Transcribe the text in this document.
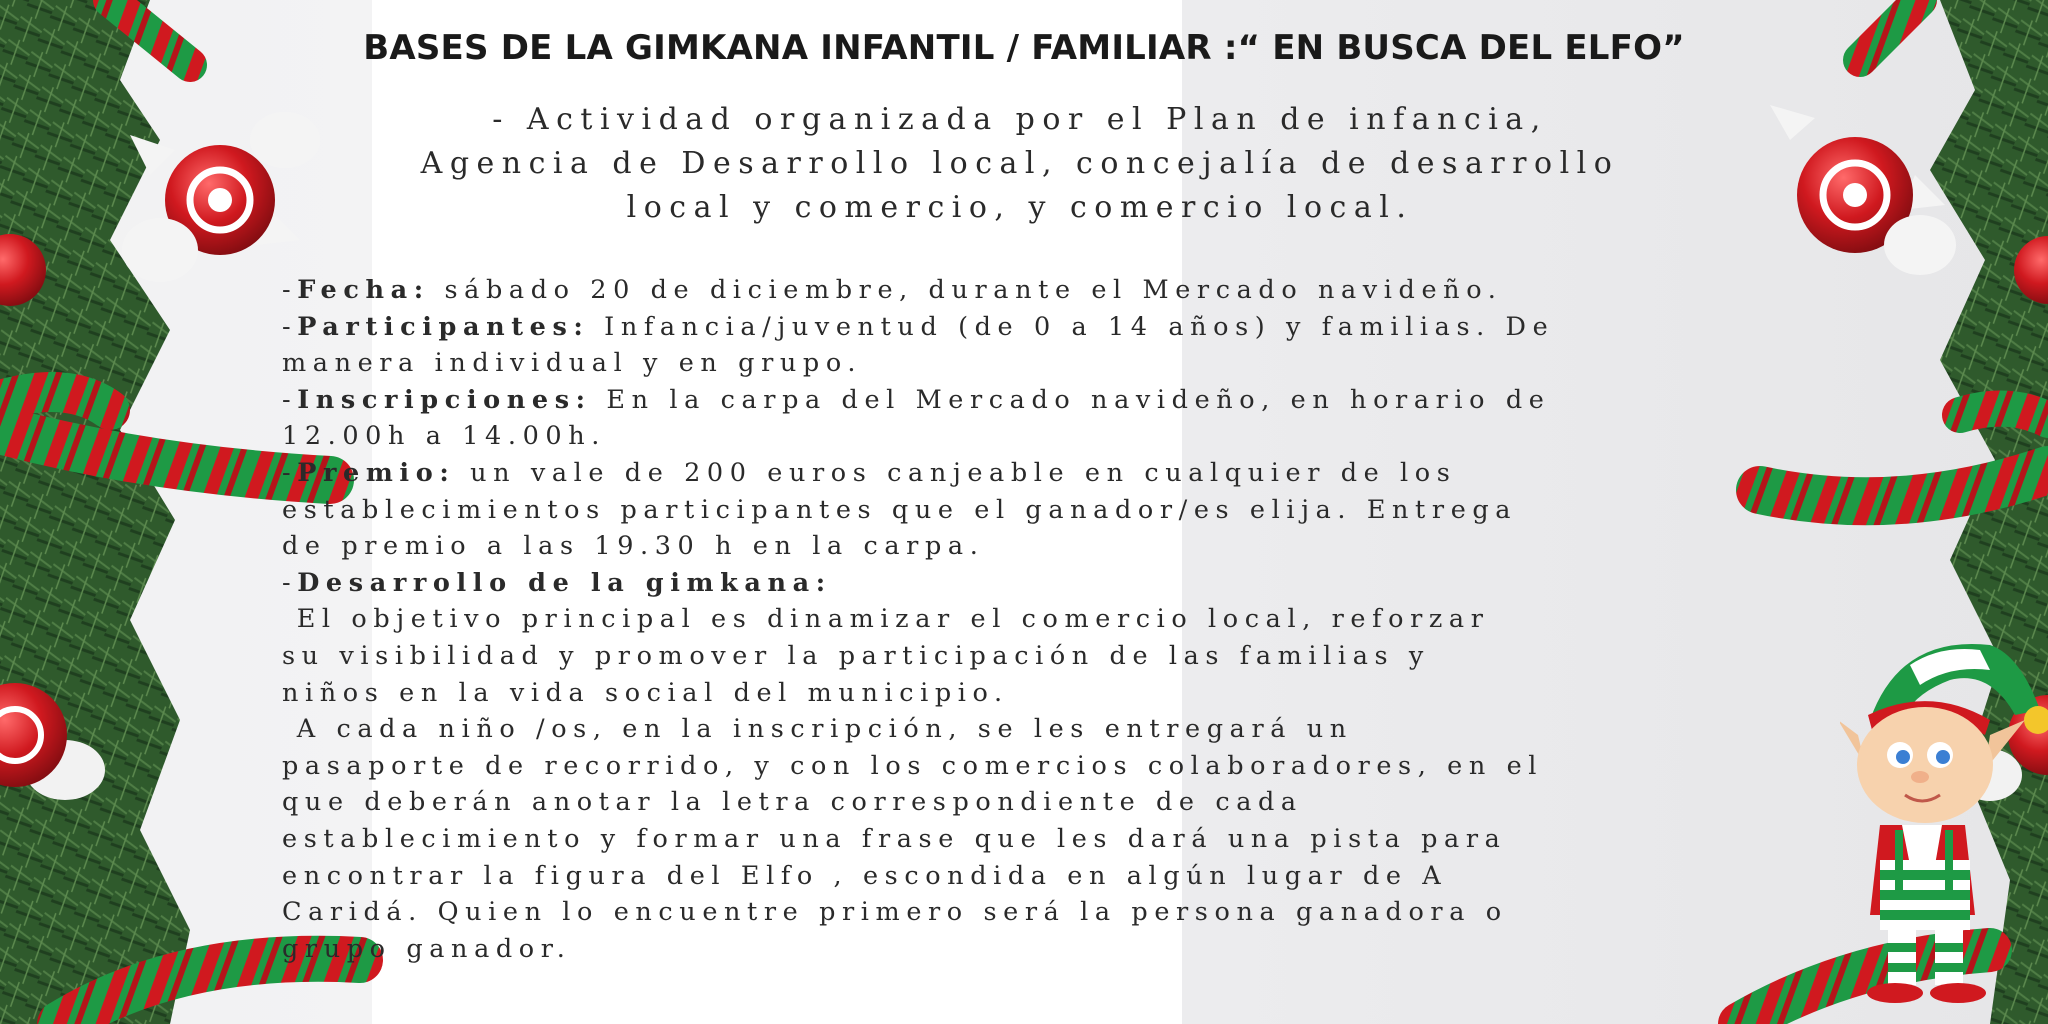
BASES DE LA GIMKANA INFANTIL / FAMILIAR :“ EN BUSCA DEL ELFO”
- Actividad organizada por el Plan de infancia,
Agencia de Desarrollo local, concejalía de desarrollo
local y comercio, y comercio local.
-Fecha: sábado 20 de diciembre, durante el Mercado navideño.
-Participantes: Infancia/juventud (de 0 a 14 años) y familias. De
manera individual y en grupo.
-Inscripciones: En la carpa del Mercado navideño, en horario de
12.00h a 14.00h.
-Premio: un vale de 200 euros canjeable en cualquier de los
establecimientos participantes que el ganador/es elija. Entrega
de premio a las 19.30 h en la carpa.
-Desarrollo de la gimkana:
El objetivo principal es dinamizar el comercio local, reforzar
su visibilidad y promover la participación de las familias y
niños en la vida social del municipio.
A cada niño /os, en la inscripción, se les entregará un
pasaporte de recorrido, y con los comercios colaboradores, en el
que deberán anotar la letra correspondiente de cada
establecimiento y formar una frase que les dará una pista para
encontrar la figura del Elfo , escondida en algún lugar de A
Caridá. Quien lo encuentre primero será la persona ganadora o
grupo ganador.
